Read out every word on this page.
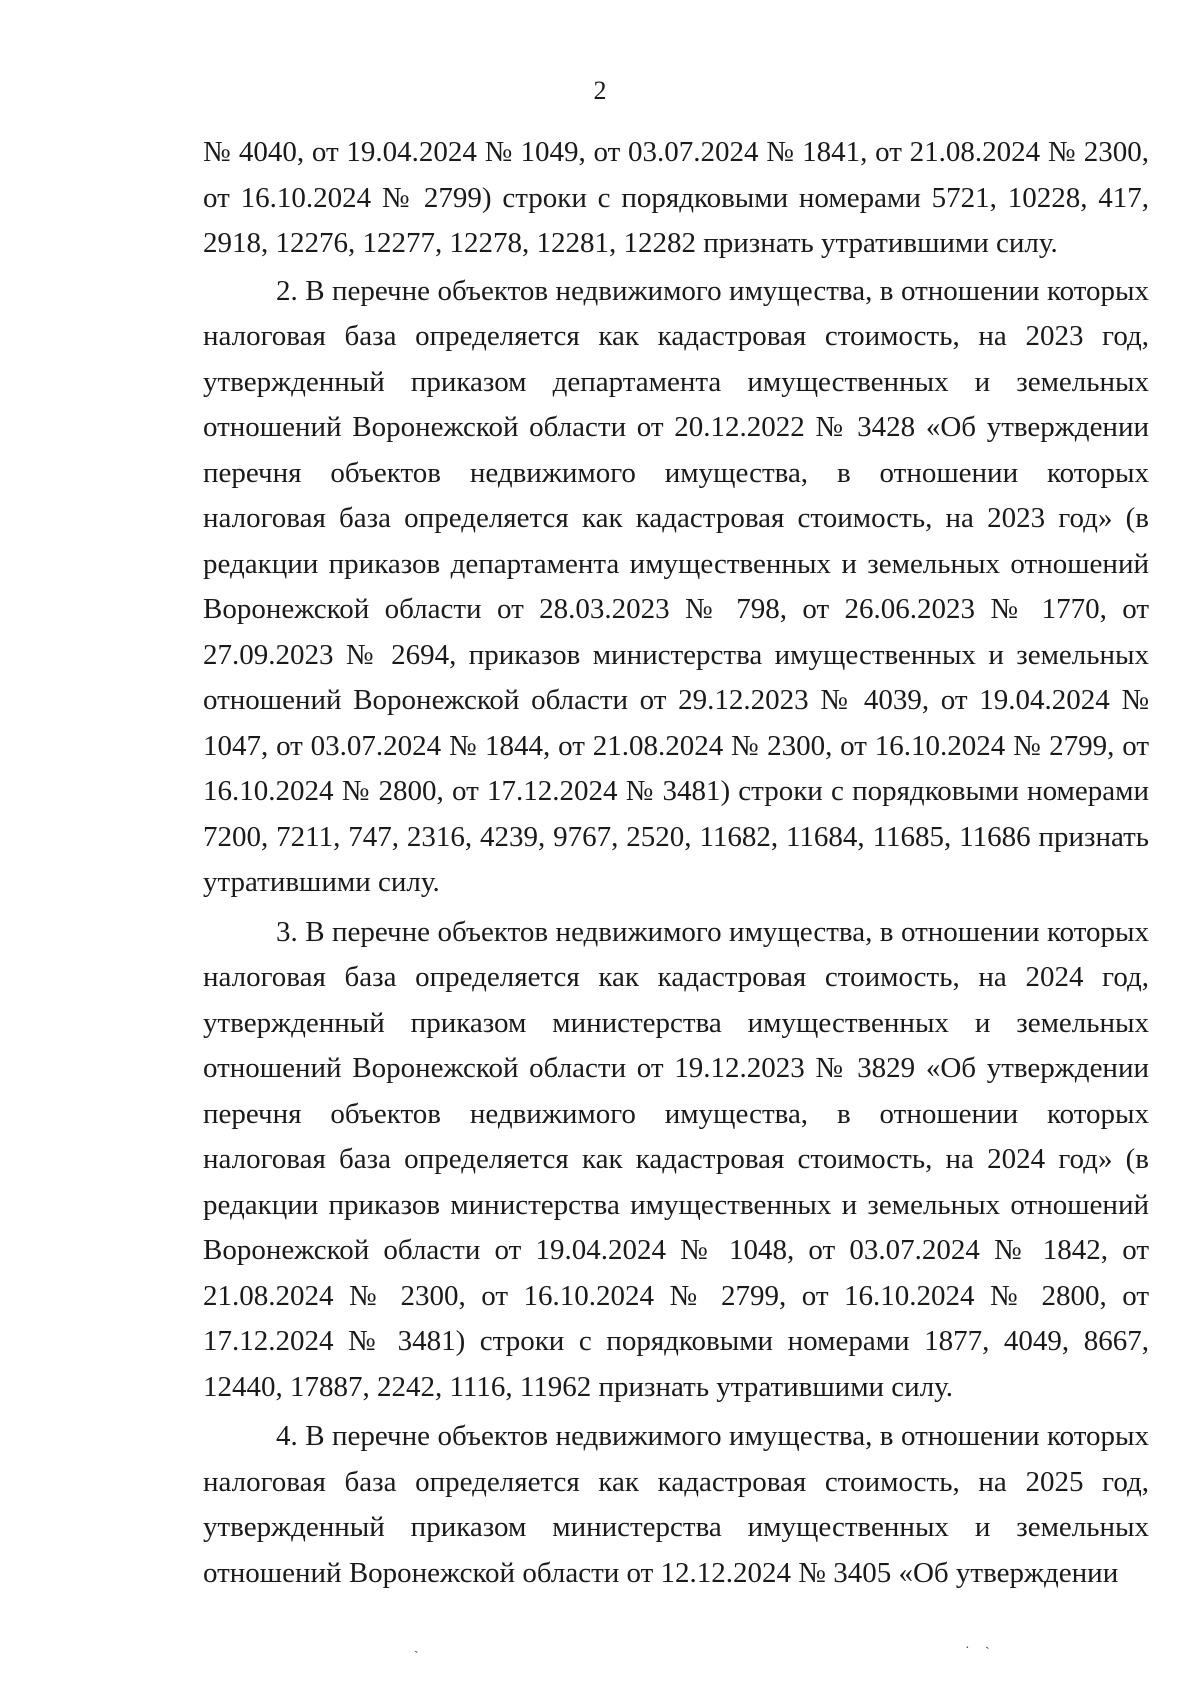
2

№ 4040, от 19.04.2024 № 1049, от 03.07.2024 № 1841, от 21.08.2024 № 2300, от 16.10.2024 № 2799) строки с порядковыми номерами 5721, 10228, 417, 2918, 12276, 12277, 12278, 12281, 12282 признать утратившими силу.

2. В перечне объектов недвижимого имущества, в отношении которых налоговая база определяется как кадастровая стоимость, на 2023 год, утвержденный приказом департамента имущественных и земельных отношений Воронежской области от 20.12.2022 № 3428 «Об утверждении перечня объектов недвижимого имущества, в отношении которых налоговая база определяется как кадастровая стоимость, на 2023 год» (в редакции приказов департамента имущественных и земельных отношений Воронежской области от 28.03.2023 № 798, от 26.06.2023 № 1770, от 27.09.2023 № 2694, приказов министерства имущественных и земельных отношений Воронежской области от 29.12.2023 № 4039, от 19.04.2024 № 1047, от 03.07.2024 № 1844, от 21.08.2024 № 2300, от 16.10.2024 № 2799, от 16.10.2024 № 2800, от 17.12.2024 № 3481) строки с порядковыми номерами 7200, 7211, 747, 2316, 4239, 9767, 2520, 11682, 11684, 11685, 11686 признать утратившими силу.

3. В перечне объектов недвижимого имущества, в отношении которых налоговая база определяется как кадастровая стоимость, на 2024 год, утвержденный приказом министерства имущественных и земельных отношений Воронежской области от 19.12.2023 № 3829 «Об утверждении перечня объектов недвижимого имущества, в отношении которых налоговая база определяется как кадастровая стоимость, на 2024 год» (в редакции приказов министерства имущественных и земельных отношений Воронежской области от 19.04.2024 № 1048, от 03.07.2024 № 1842, от 21.08.2024 № 2300, от 16.10.2024 № 2799, от 16.10.2024 № 2800, от 17.12.2024 № 3481) строки с порядковыми номерами 1877, 4049, 8667, 12440, 17887, 2242, 1116, 11962 признать утратившими силу.

4. В перечне объектов недвижимого имущества, в отношении которых налоговая база определяется как кадастровая стоимость, на 2025 год, утвержденный приказом министерства имущественных и земельных отношений Воронежской области от 12.12.2024 № 3405 «Об утверждении

ˏ	· ˎ
